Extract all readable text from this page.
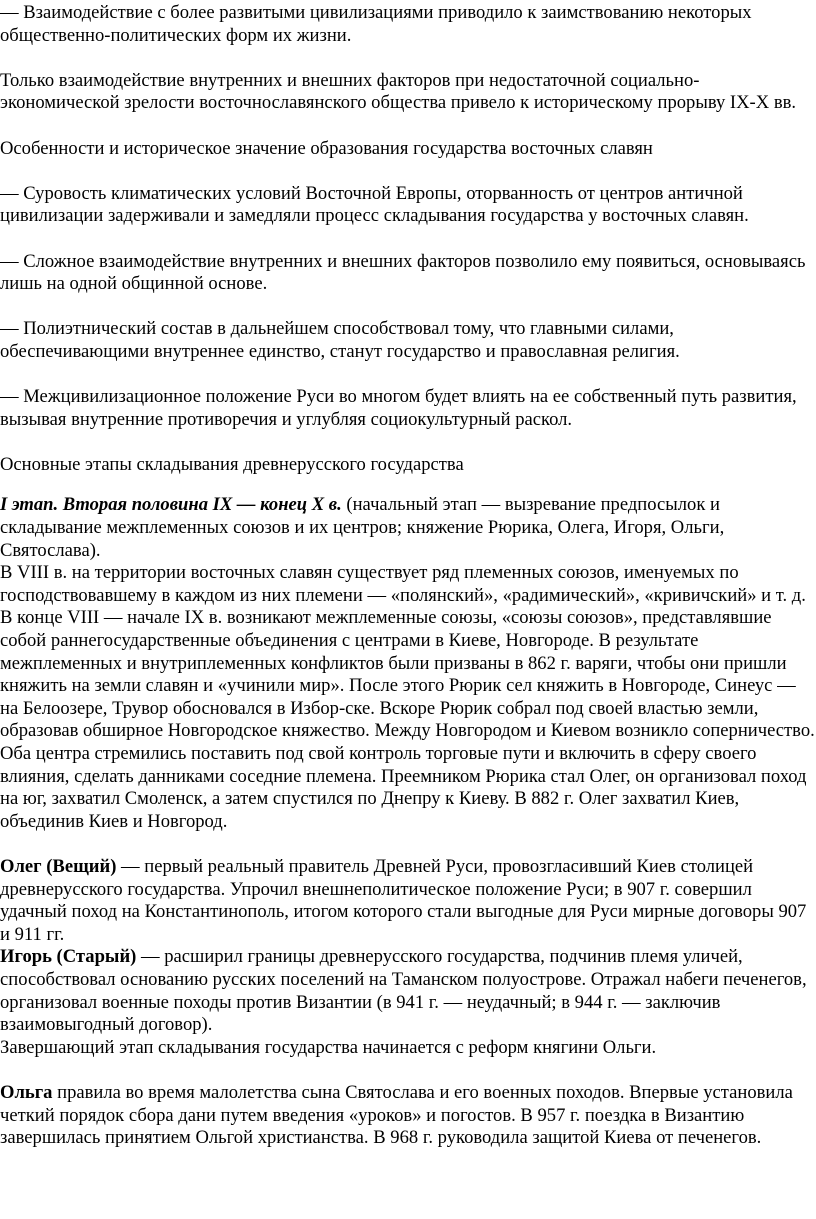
— Взаимодействие с более развитыми цивилизациями приводило к заимствованию некоторых общественно-политических форм их жизни.

Только взаимодействие внутренних и внешних факторов при недостаточной социально-экономической зрелости восточнославянского общества привело к историческому прорыву IX-X вв.

Особенности и историческое значение образования государства восточных славян

— Суровость климатических условий Восточной Европы, оторванность от центров античной цивилизации задерживали и замедляли процесс складывания государства у восточных славян.

— Сложное взаимодействие внутренних и внешних факторов позволило ему появиться, основываясь лишь на одной общинной основе.

— Полиэтнический состав в дальнейшем способствовал тому, что главными силами, обеспечивающими внутреннее единство, станут государство и православная религия.

— Межцивилизационное положение Руси во многом будет влиять на ее собственный путь развития, вызывая внутренние противоречия и углубляя социокультурный раскол.

Основные этапы складывания древнерусского государства

I этап. Вторая половина IX — конец X в. (начальный этап — вызревание предпосылок и складывание межплеменных союзов и их центров; княжение Рюрика, Олега, Игоря, Ольги, Святослава).

В VIII в. на территории восточных славян существует ряд племенных союзов, именуемых по господствовавшему в каждом из них племени — «полянский», «радимический», «кривичский» и т. д. В конце VIII — начале IX в. возникают межплеменные союзы, «союзы союзов», представлявшие собой раннегосударственные объединения с центрами в Киеве, Новгороде. В результате межплеменных и внутриплеменных конфликтов были призваны в 862 г. варяги, чтобы они пришли княжить на земли славян и «учинили мир». После этого Рюрик сел княжить в Новгороде, Синеус — на Белоозере, Трувор обосновался в Избор-ске. Вскоре Рюрик собрал под своей властью земли, образовав обширное Новгородское княжество. Между Новгородом и Киевом возникло соперничество. Оба центра стремились поставить под свой контроль торговые пути и включить в сферу своего влияния, сделать данниками соседние племена. Преемником Рюрика стал Олег, он организовал поход на юг, захватил Смоленск, а затем спустился по Днепру к Киеву. В 882 г. Олег захватил Киев, объединив Киев и Новгород.

Олег (Вещий) — первый реальный правитель Древней Руси, провозгласивший Киев столицей древнерусского государства. Упрочил внешнеполитическое положение Руси; в 907 г. совершил удачный поход на Константинополь, итогом которого стали выгодные для Руси мирные договоры 907 и 911 гг.

Игорь (Старый) — расширил границы древнерусского государства, подчинив племя уличей, способствовал основанию русских поселений на Таманском полуострове. Отражал набеги печенегов, организовал военные походы против Византии (в 941 г. — неудачный; в 944 г. — заключив взаимовыгодный договор).

Завершающий этап складывания государства начинается с реформ княгини Ольги.

Ольга правила во время малолетства сына Святослава и его военных походов. Впервые установила четкий порядок сбора дани путем введения «уроков» и погостов. В 957 г. поездка в Византию завершилась принятием Ольгой христианства. В 968 г. руководила защитой Киева от печенегов.
